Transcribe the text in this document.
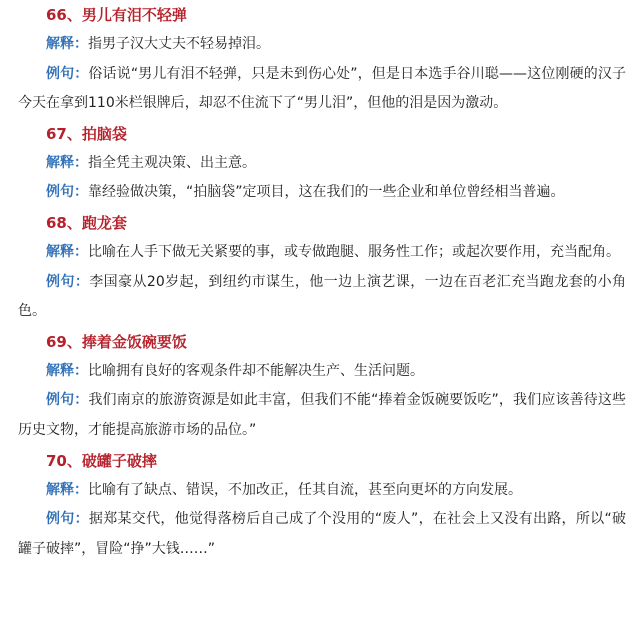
66、男儿有泪不轻弹

解释：指男子汉大丈夫不轻易掉泪。

例句：俗话说“男儿有泪不轻弹，只是未到伤心处”，但是日本选手谷川聪——这位刚硬的汉子今天在拿到110米栏银牌后，却忍不住流下了“男儿泪”，但他的泪是因为激动。

67、拍脑袋

解释：指全凭主观决策、出主意。

例句：靠经验做决策，“拍脑袋”定项目，这在我们的一些企业和单位曾经相当普遍。

68、跑龙套

解释：比喻在人手下做无关紧要的事，或专做跑腿、服务性工作；或起次要作用，充当配角。

例句：李国豪从20岁起，到纽约市谋生，他一边上演艺课，一边在百老汇充当跑龙套的小角色。

69、捧着金饭碗要饭

解释：比喻拥有良好的客观条件却不能解决生产、生活问题。

例句：我们南京的旅游资源是如此丰富，但我们不能“捧着金饭碗要饭吃”，我们应该善待这些历史文物，才能提高旅游市场的品位。”

70、破罐子破摔

解释：比喻有了缺点、错误，不加改正，任其自流，甚至向更坏的方向发展。

例句：据郑某交代，他觉得落榜后自己成了个没用的“废人”，在社会上又没有出路，所以“破罐子破摔”，冒险“挣”大钱……”
